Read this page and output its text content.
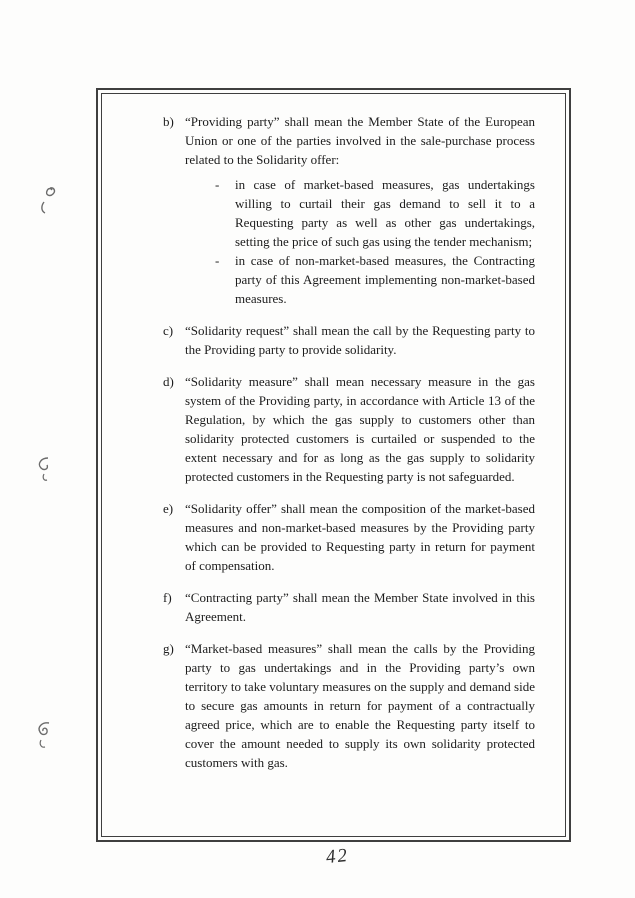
b) “Providing party” shall mean the Member State of the European Union or one of the parties involved in the sale-purchase process related to the Solidarity offer:

-	in case of market-based measures, gas undertakings willing to curtail their gas demand to sell it to a Requesting party as well as other gas undertakings, setting the price of such gas using the tender mechanism;

-	in case of non-market-based measures, the Contracting party of this Agreement implementing non-market-based measures.

c) “Solidarity request” shall mean the call by the Requesting party to the Providing party to provide solidarity.

d) “Solidarity measure” shall mean necessary measure in the gas system of the Providing party, in accordance with Article 13 of the Regulation, by which the gas supply to customers other than solidarity protected customers is curtailed or suspended to the extent necessary and for as long as the gas supply to solidarity protected customers in the Requesting party is not safeguarded.

e) “Solidarity offer” shall mean the composition of the market-based measures and non-market-based measures by the Providing party which can be provided to Requesting party in return for payment of compensation.

f)	“Contracting party” shall mean the Member State involved in this Agreement.

g) “Market-based measures” shall mean the calls by the Providing party to gas undertakings and in the Providing party’s own territory to take voluntary measures on the supply and demand side to secure gas amounts in return for payment of a contractually agreed price, which are to enable the Requesting party itself to cover the amount needed to supply its own solidarity protected customers with gas.

42
